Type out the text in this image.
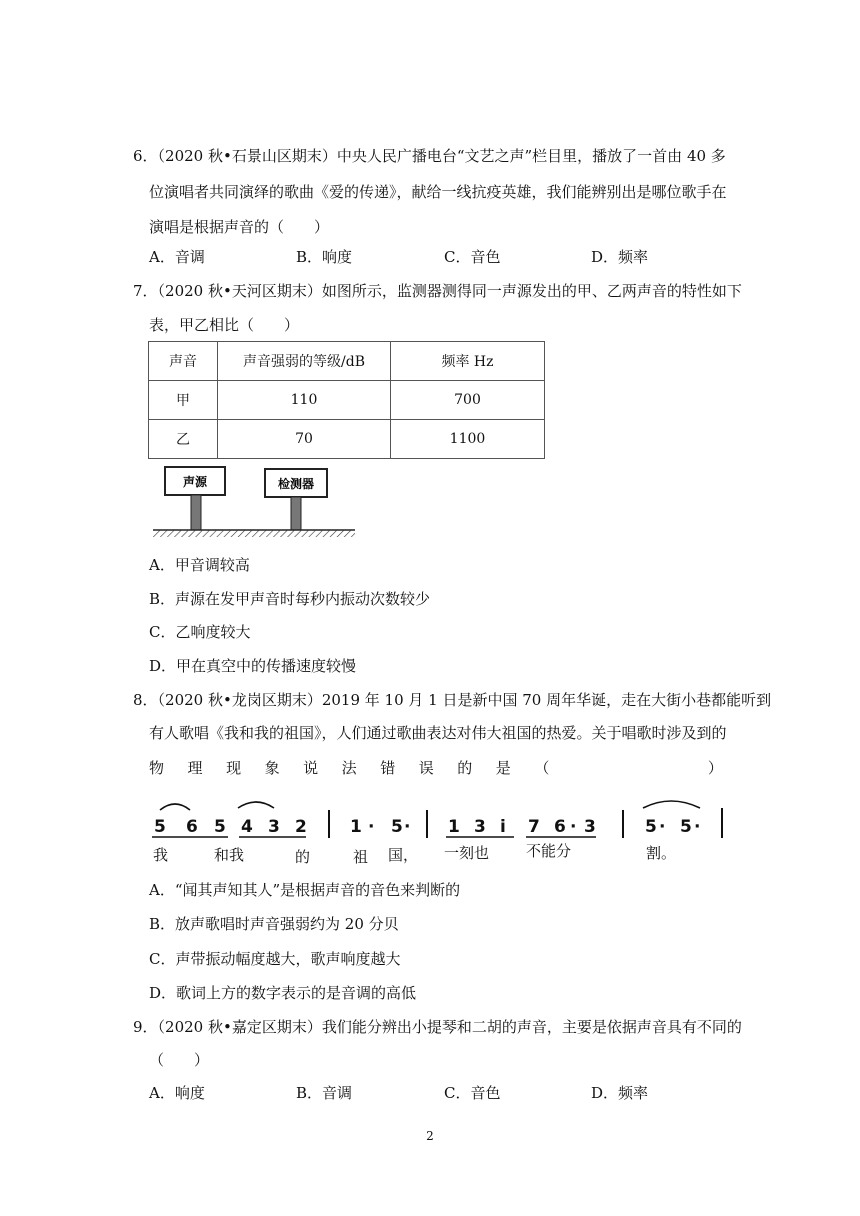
6．（2020 秋•石景山区期末）中央人民广播电台“文艺之声”栏目里，播放了一首由 40 多
位演唱者共同演绎的歌曲《爱的传递》，献给一线抗疫英雄，我们能辨别出是哪位歌手在
演唱是根据声音的（　　）
A．音调	B．响度	C．音色	D．频率
7．（2020 秋•天河区期末）如图所示，监测器测得同一声源发出的甲、乙两声音的特性如下
表，甲乙相比（　　）
声音	声音强弱的等级/dB	频率 Hz
甲	110	700
乙	70	1100
声源	检测器
A．甲音调较高
B．声源在发甲声音时每秒内振动次数较少
C．乙响度较大
D．甲在真空中的传播速度较慢
8．（2020 秋•龙岗区期末）2019 年 10 月 1 日是新中国 70 周年华诞，走在大街小巷都能听到
有人歌唱《我和我的祖国》，人们通过歌曲表达对伟大祖国的热爱。关于唱歌时涉及到的
物 理 现 象 说 法 错 误 的 是 （	）
5 6 5 4 3 2	1 · 5 · 1 3 i 7 6 · 3	5 · 5 ·
我	和我	的	祖 国， 一刻也 不能分	割。
A．“闻其声知其人”是根据声音的音色来判断的
B．放声歌唱时声音强弱约为 20 分贝
C．声带振动幅度越大，歌声响度越大
D．歌词上方的数字表示的是音调的高低
9．（2020 秋•嘉定区期末）我们能分辨出小提琴和二胡的声音，主要是依据声音具有不同的
（　　）
A．响度	B．音调	C．音色	D．频率
2
